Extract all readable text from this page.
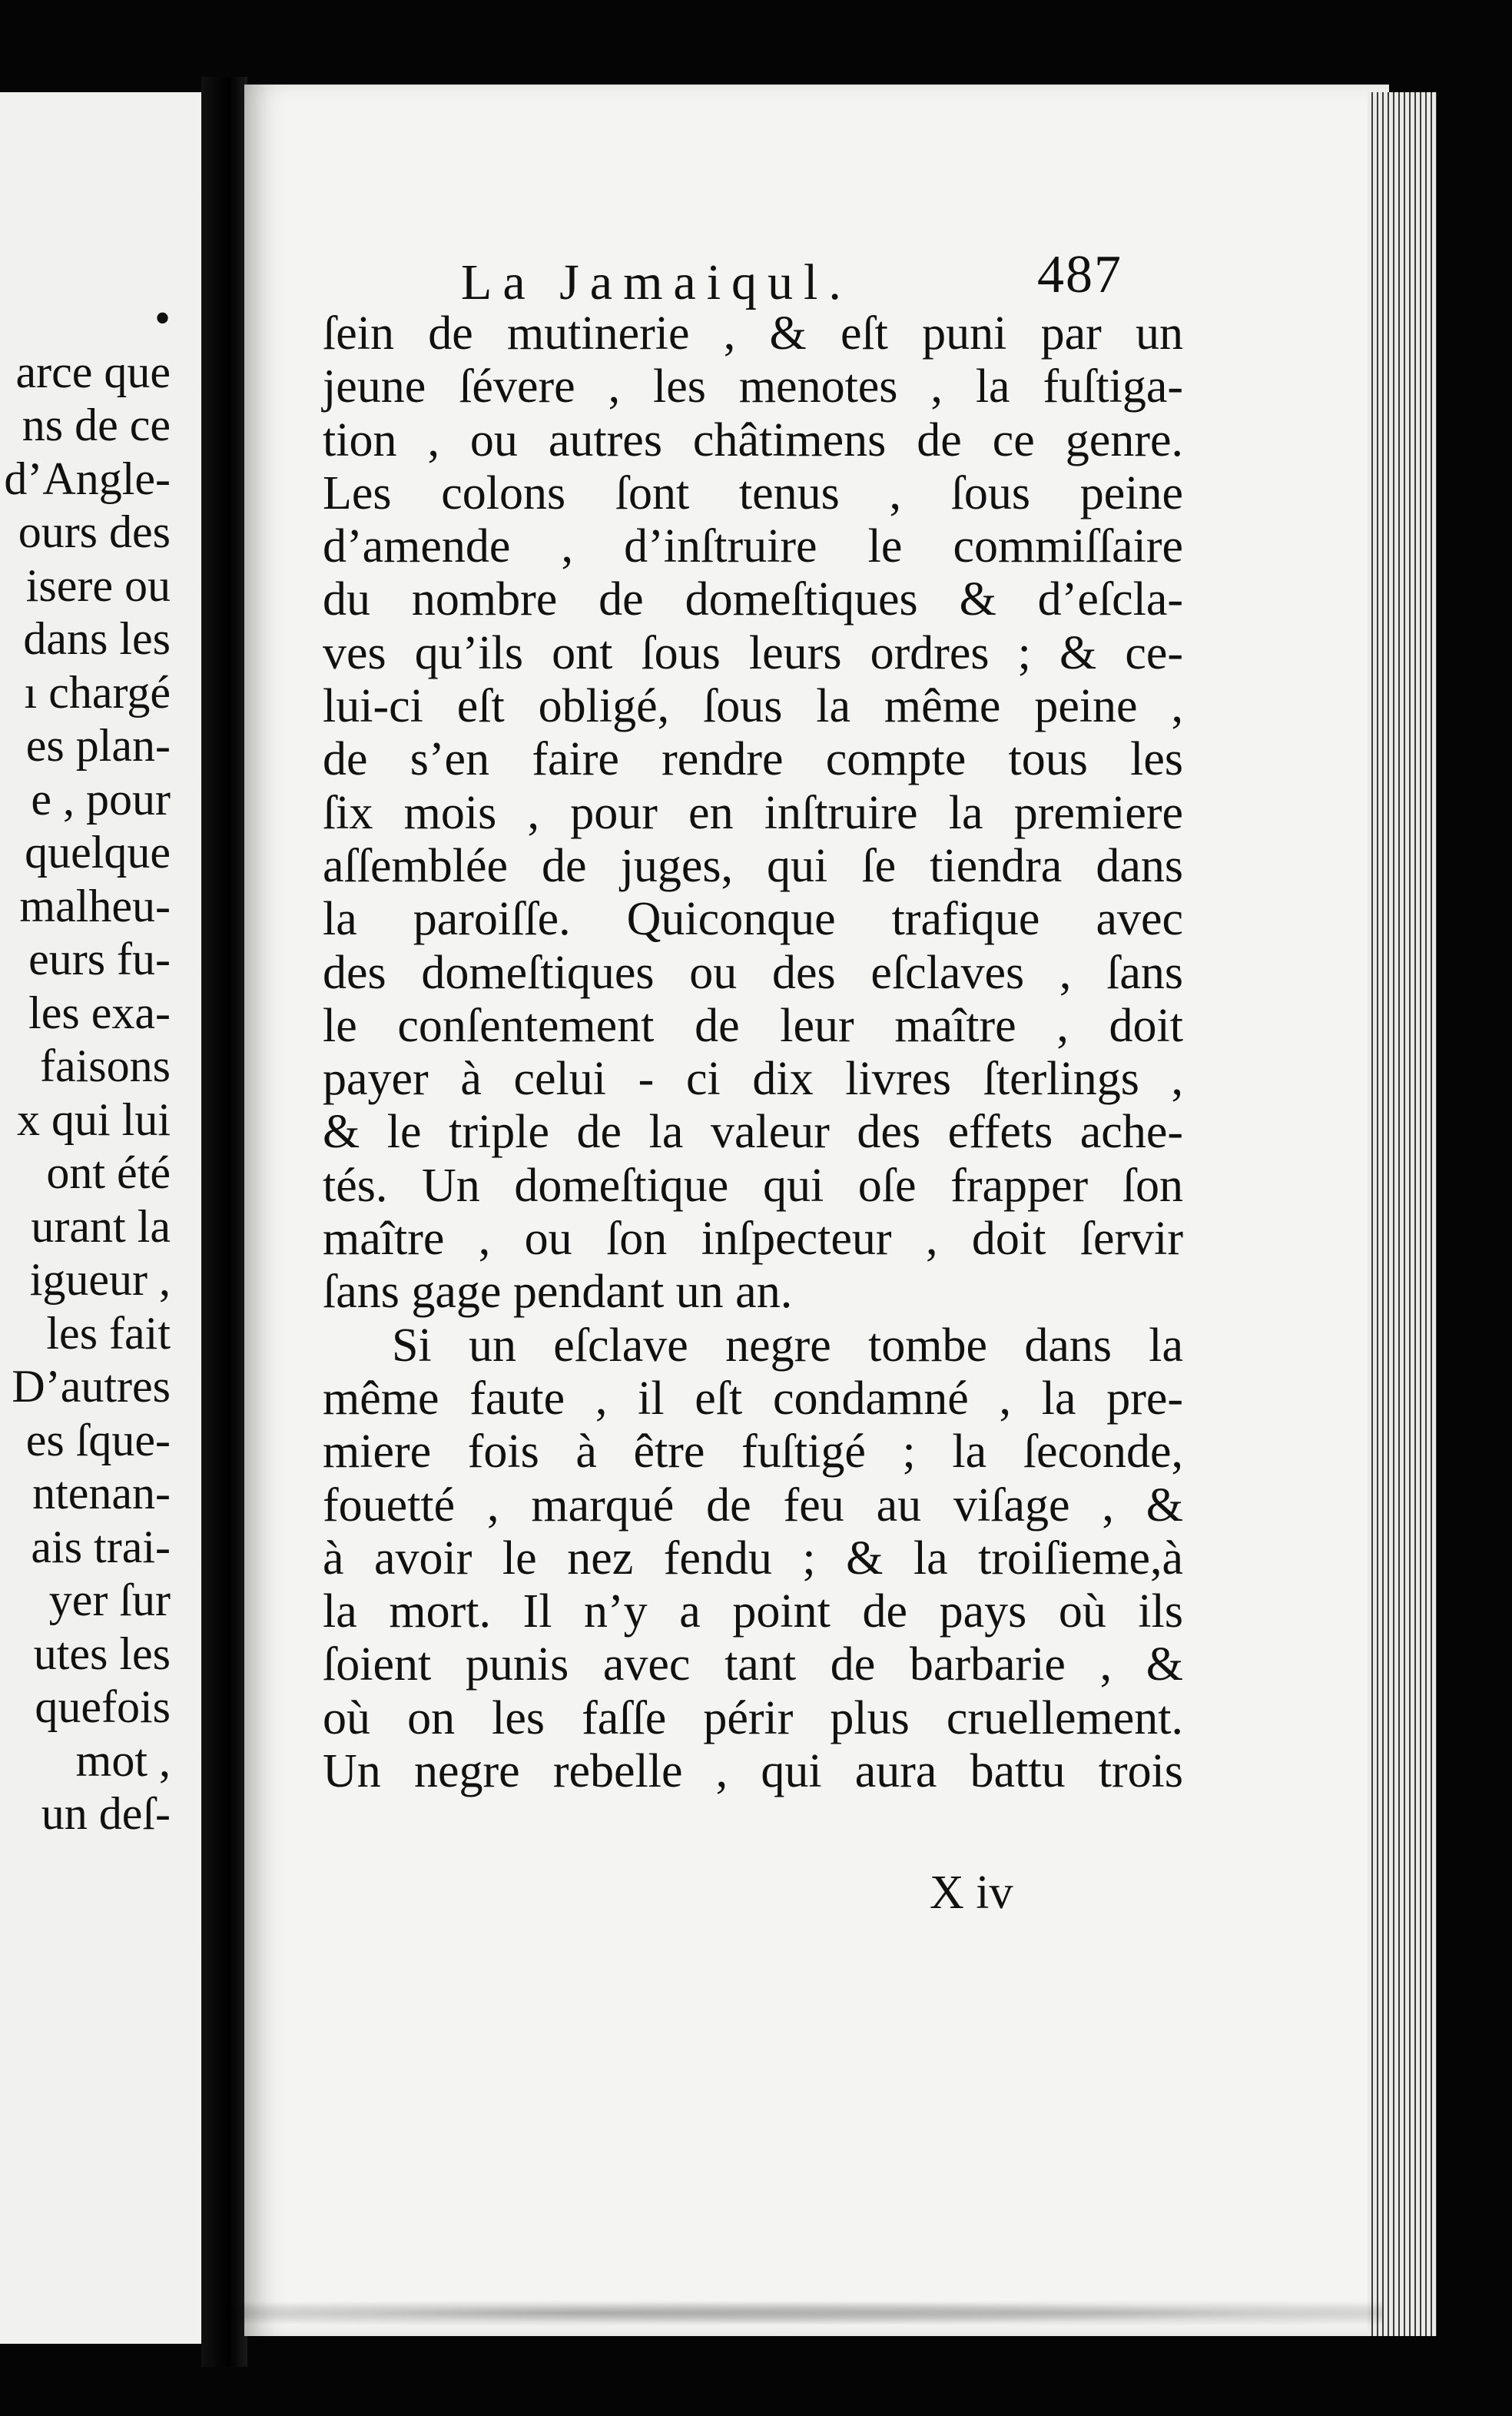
•
arce que
ns de ce
d’Angle-
ours des
isere ou
dans les
ı chargé
es plan-
e , pour
quelque
malheu-
eurs fu-
les exa-
faisons
x qui lui
ont été
urant la
igueur ,
les fait
D’autres
es ſque-
ntenan-
ais trai-
yer ſur
utes les
quefois
mot ,
un deſ-
La Jamaiqul.	487
ſein de mutinerie , & eſt puni par un
jeune ſévere , les menotes , la fuſtiga-
tion , ou autres châtimens de ce genre.
Les colons ſont tenus , ſous peine
d’amende , d’inſtruire le commiſſaire
du nombre de domeſtiques & d’eſcla-
ves qu’ils ont ſous leurs ordres ; & ce-
lui-ci eſt obligé, ſous la même peine ,
de s’en faire rendre compte tous les
ſix mois , pour en inſtruire la premiere
aſſemblée de juges, qui ſe tiendra dans
la paroiſſe. Quiconque trafique avec
des domeſtiques ou des eſclaves , ſans
le conſentement de leur maître , doit
payer à celui - ci dix livres ſterlings ,
& le triple de la valeur des effets ache-
tés. Un domeſtique qui oſe frapper ſon
maître , ou ſon inſpecteur , doit ſervir
ſans gage pendant un an.
Si un eſclave negre tombe dans la
même faute , il eſt condamné , la pre-
miere fois à être fuſtigé ; la ſeconde,
fouetté , marqué de feu au viſage , &
à avoir le nez fendu ; & la troiſieme,à
la mort. Il n’y a point de pays où ils
ſoient punis avec tant de barbarie , &
où on les faſſe périr plus cruellement.
Un negre rebelle , qui aura battu trois
X iv
